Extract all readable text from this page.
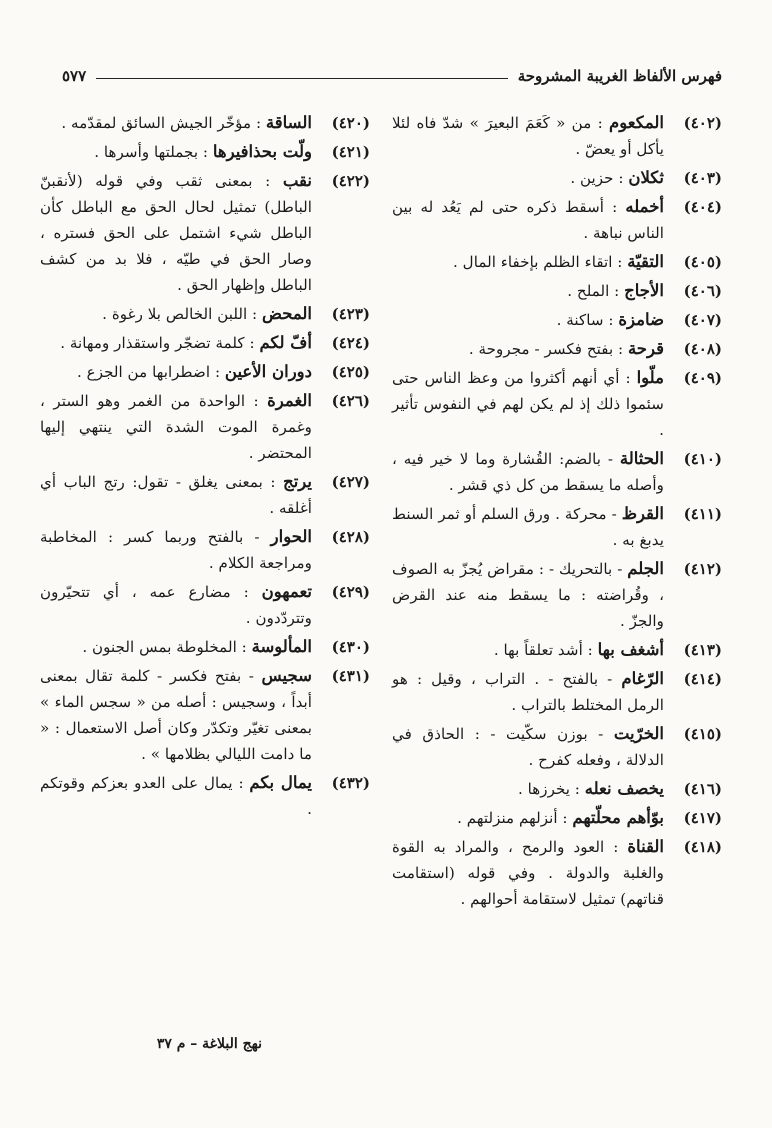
فهرس الألفاظ الغريبة المشروحة
٥٧٧
(٤٠٢)
المكعوم : من « كَعَمَ البعيرَ » شدّ فاه لئلا يأكل أو يعضّ .
(٤٠٣)
ثكلان : حزين .
(٤٠٤)
أخمله : أسقط ذكره حتى لم يَعُد له بين الناس نباهة .
(٤٠٥)
التقيّة : اتقاء الظلم بإخفاء المال .
(٤٠٦)
الأجاج : الملح .
(٤٠٧)
ضامزة : ساكنة .
(٤٠٨)
قرحة : بفتح فكسر - مجروحة .
(٤٠٩)
ملّوا : أي أنهم أكثروا من وعظ الناس حتى سئموا ذلك إذ لم يكن لهم في النفوس تأثير .
(٤١٠)
الحثالة - بالضم: القُشارة وما لا خير فيه ، وأصله ما يسقط من كل ذي قشر .
(٤١١)
القرظ - محركة . ورق السلم أو ثمر السنط يدبغ به .
(٤١٢)
الجلم - بالتحريك - : مقراض يُجزّ به الصوف ، وقُراضته : ما يسقط منه عند القرض والجزّ .
(٤١٣)
أشغف بها : أشد تعلقاً بها .
(٤١٤)
الرّغام - بالفتح - . التراب ، وقيل : هو الرمل المختلط بالتراب .
(٤١٥)
الخرّيت - بوزن سكّيت - : الحاذق في الدلالة ، وفعله كفرح .
(٤١٦)
يخصف نعله : يخرزها .
(٤١٧)
بوّأهم محلّتهم : أنزلهم منزلتهم .
(٤١٨)
القناة : العود والرمح ، والمراد به القوة والغلبة والدولة . وفي قوله (استقامت قناتهم) تمثيل لاستقامة أحوالهم .
(٤٢٠)
الساقة : مؤخّر الجيش السائق لمقدّمه .
(٤٢١)
ولّت بحذافيرها : بجملتها وأسرها .
(٤٢٢)
نقب : بمعنى ثقب وفي قوله (لأنقبنّ الباطل) تمثيل لحال الحق مع الباطل كأن الباطل شيء اشتمل على الحق فستره ، وصار الحق في طيّه ، فلا بد من كشف الباطل وإظهار الحق .
(٤٢٣)
المحض : اللبن الخالص بلا رغوة .
(٤٢٤)
أفّ لكم : كلمة تضجّر واستقذار ومهانة .
(٤٢٥)
دوران الأعين : اضطرابها من الجزع .
(٤٢٦)
الغمرة : الواحدة من الغمر وهو الستر ، وغمرة الموت الشدة التي ينتهي إليها المحتضر .
(٤٢٧)
يرتج : بمعنى يغلق - تقول: رتج الباب أي أغلقه .
(٤٢٨)
الحوار - بالفتح وربما كسر : المخاطبة ومراجعة الكلام .
(٤٢٩)
تعمهون : مضارع عمه ، أي تتحيّرون وتتردّدون .
(٤٣٠)
المألوسة : المخلوطة بمس الجنون .
(٤٣١)
سجيس - بفتح فكسر - كلمة تقال بمعنى أبداً ، وسجيس : أصله من « سجس الماء » بمعنى تغيّر وتكدّر وكان أصل الاستعمال : « ما دامت الليالي بظلامها » .
(٤٣٢)
يمال بكم : يمال على العدو بعزكم وقوتكم .
نهج البلاغة – م ٣٧
